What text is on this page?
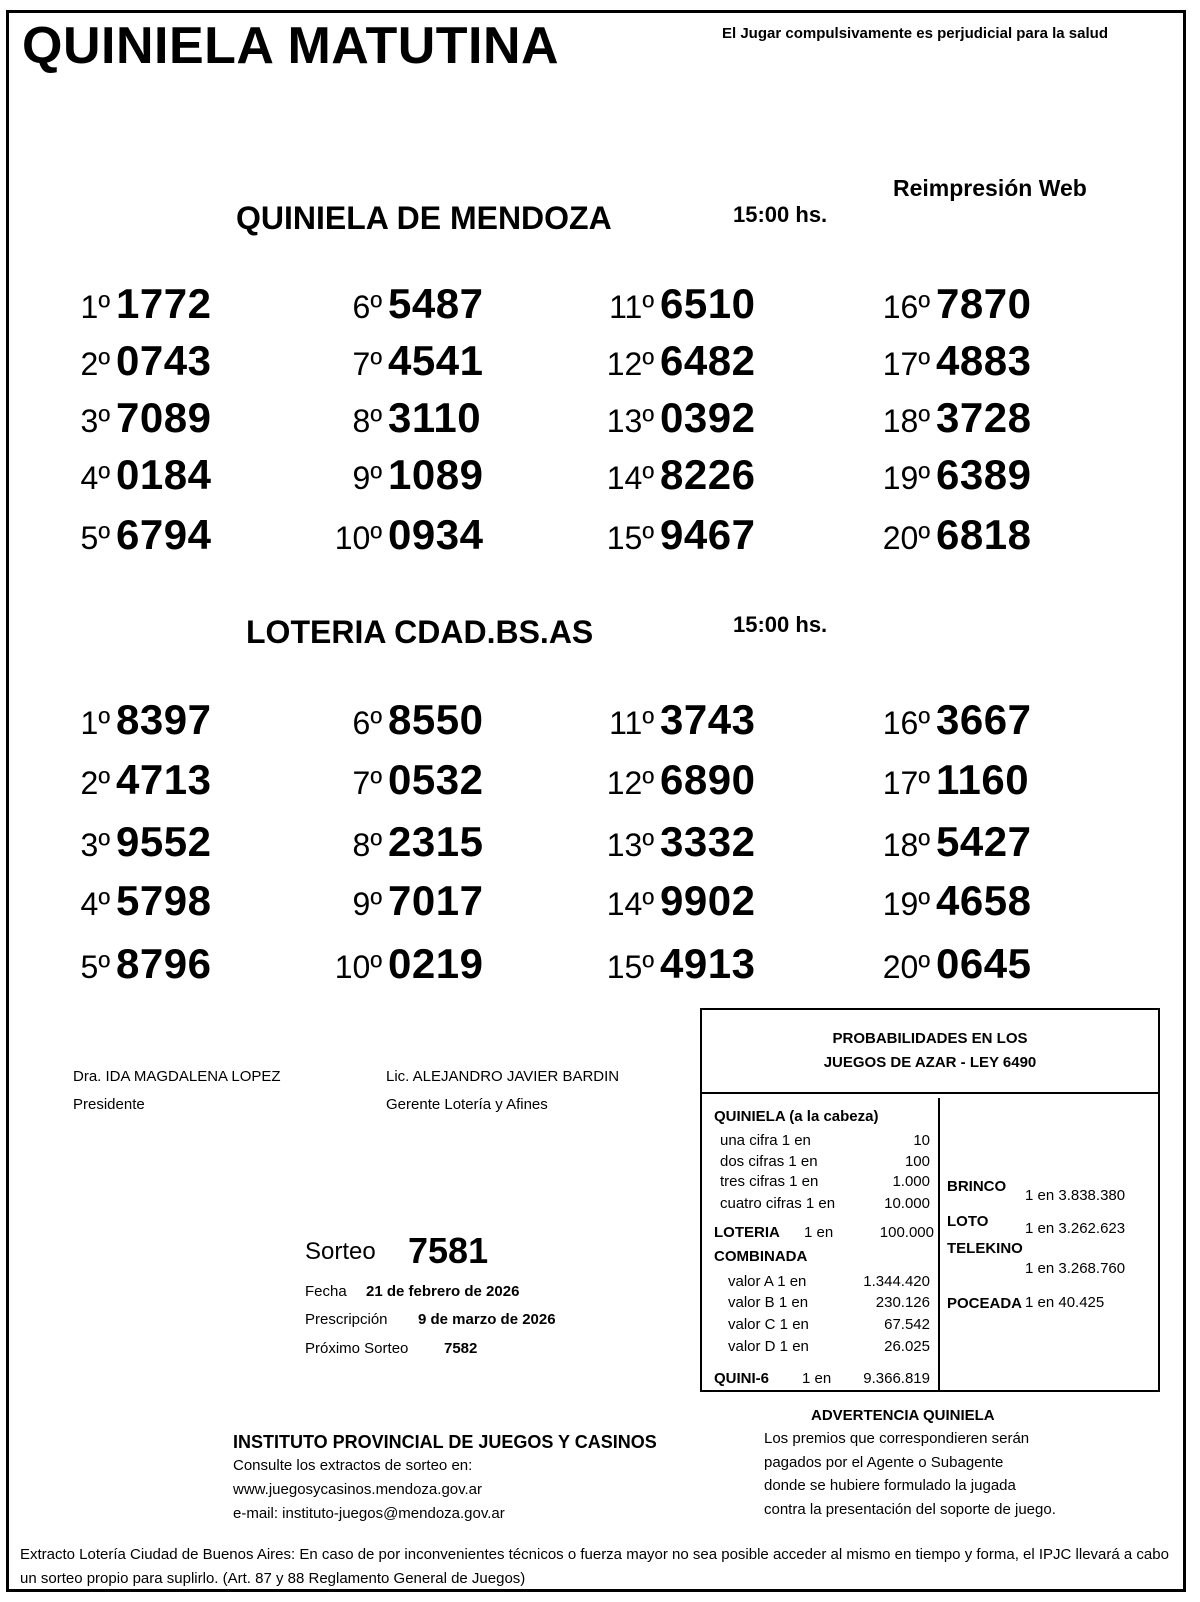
QUINIELA MATUTINA	El Jugar compulsivamente es perjudicial para la salud
Reimpresión Web
QUINIELA DE MENDOZA	15:00 hs.
1º 1772
2º 0743
3º 7089
4º 0184
5º 6794
6º 5487
7º 4541
8º 3110
9º 1089
10º 0934
11º 6510
12º 6482
13º 0392
14º 8226
15º 9467
16º 7870
17º 4883
18º 3728
19º 6389
20º 6818
LOTERIA CDAD.BS.AS	15:00 hs.
1º 8397
2º 4713
3º 9552
4º 5798
5º 8796
6º 8550
7º 0532
8º 2315
9º 7017
10º 0219
11º 3743
12º 6890
13º 3332
14º 9902
15º 4913
16º 3667
17º 1160
18º 5427
19º 4658
20º 0645
Dra. IDA MAGDALENA LOPEZ
Presidente
Lic. ALEJANDRO JAVIER BARDIN
Gerente Lotería y Afines
Sorteo 7581
Fecha 21 de febrero de 2026
Prescripción 9 de marzo de 2026
Próximo Sorteo 7582
PROBABILIDADES EN LOS
JUEGOS DE AZAR - LEY 6490
QUINIELA (a la cabeza)
una cifra 1 en	10
dos cifras 1 en	100
tres cifras 1 en	1.000
cuatro cifras 1 en	10.000
LOTERIA 1 en	100.000
COMBINADA
valor A 1 en	1.344.420
valor B 1 en	230.126
valor C 1 en	67.542
valor D 1 en	26.025
QUINI-6 1 en	9.366.819
BRINCO
1 en 3.838.380
LOTO 1 en 3.262.623
TELEKINO
1 en 3.268.760
POCEADA 1 en 40.425
INSTITUTO PROVINCIAL DE JUEGOS Y CASINOS
Consulte los extractos de sorteo en:
www.juegosycasinos.mendoza.gov.ar
e-mail: instituto-juegos@mendoza.gov.ar
ADVERTENCIA QUINIELA
Los premios que correspondieren serán
pagados por el Agente o Subagente
donde se hubiere formulado la jugada
contra la presentación del soporte de juego.
Extracto Lotería Ciudad de Buenos Aires: En caso de por inconvenientes técnicos o fuerza mayor no sea posible acceder al mismo en tiempo y forma, el IPJC llevará a cabo un sorteo propio para suplirlo. (Art. 87 y 88 Reglamento General de Juegos)
